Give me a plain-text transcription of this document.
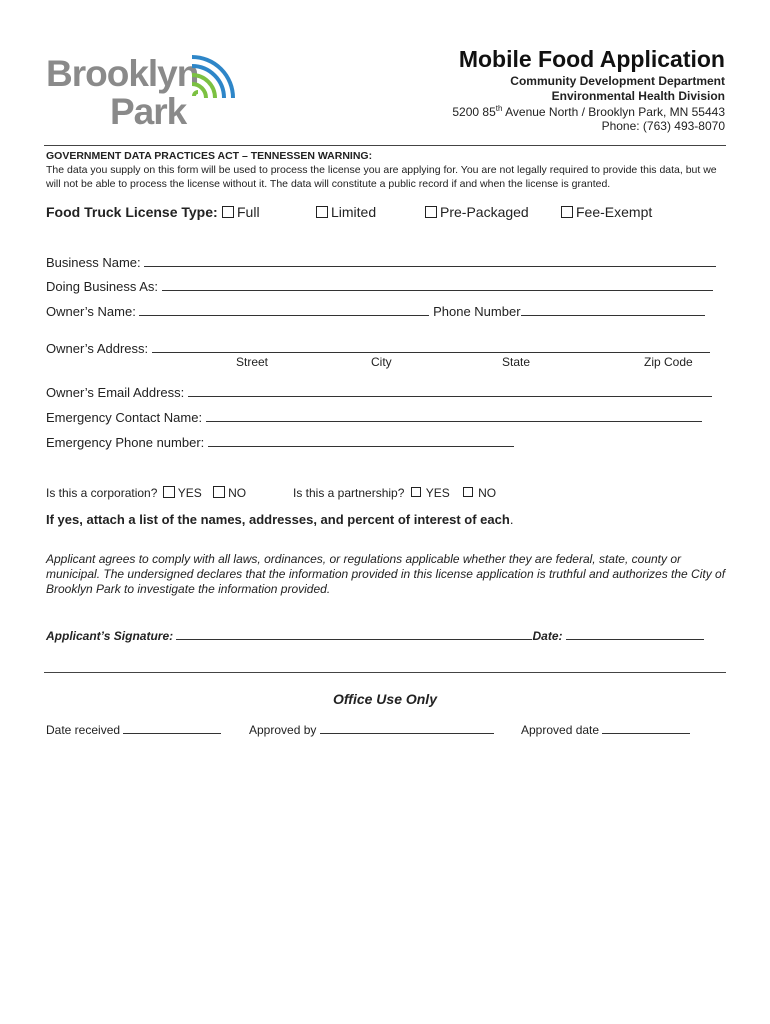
Brooklyn
Park
Mobile Food Application
Community Development Department
Environmental Health Division
5200 85th Avenue North / Brooklyn Park, MN 55443
Phone: (763) 493-8070
GOVERNMENT DATA PRACTICES ACT – TENNESSEN WARNING:
The data you supply on this form will be used to process the license you are applying for. You are not legally required to provide this data, but we will not be able to process the license without it. The data will constitute a public record if and when the license is granted.
Food Truck License Type:	Full	Limited	Pre-Packaged	Fee-Exempt
Business Name:
Doing Business As:
Owner’s Name:	Phone Number
Owner’s Address:
Street	City	State	Zip Code
Owner’s Email Address:
Emergency Contact Name:
Emergency Phone number:
Is this a corporation? YES NO	Is this a partnership? YES NO
If yes, attach a list of the names, addresses, and percent of interest of each.
Applicant agrees to comply with all laws, ordinances, or regulations applicable whether they are federal, state, county or municipal. The undersigned declares that the information provided in this license application is truthful and authorizes the City of Brooklyn Park to investigate the information provided.
Applicant’s Signature:	Date:
Office Use Only
Date received	Approved by	Approved date
